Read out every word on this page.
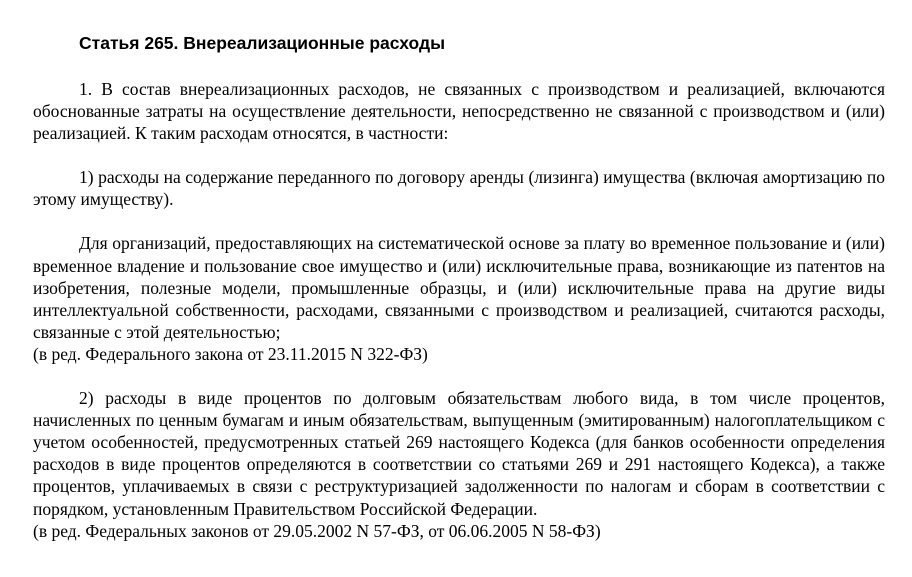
Статья 265. Внереализационные расходы

1. В состав внереализационных расходов, не связанных с производством и реализацией, включаются обоснованные затраты на осуществление деятельности, непосредственно не связанной с производством и (или) реализацией. К таким расходам относятся, в частности:

1) расходы на содержание переданного по договору аренды (лизинга) имущества (включая амортизацию по этому имуществу).

Для организаций, предоставляющих на систематической основе за плату во временное пользование и (или) временное владение и пользование свое имущество и (или) исключительные права, возникающие из патентов на изобретения, полезные модели, промышленные образцы, и (или) исключительные права на другие виды интеллектуальной собственности, расходами, связанными с производством и реализацией, считаются расходы, связанные с этой деятельностью;

(в ред. Федерального закона от 23.11.2015 N 322-ФЗ)

2) расходы в виде процентов по долговым обязательствам любого вида, в том числе процентов, начисленных по ценным бумагам и иным обязательствам, выпущенным (эмитированным) налогоплательщиком с учетом особенностей, предусмотренных статьей 269 настоящего Кодекса (для банков особенности определения расходов в виде процентов определяются в соответствии со статьями 269 и 291 настоящего Кодекса), а также процентов, уплачиваемых в связи с реструктуризацией задолженности по налогам и сборам в соответствии с порядком, установленным Правительством Российской Федерации.

(в ред. Федеральных законов от 29.05.2002 N 57-ФЗ, от 06.06.2005 N 58-ФЗ)
